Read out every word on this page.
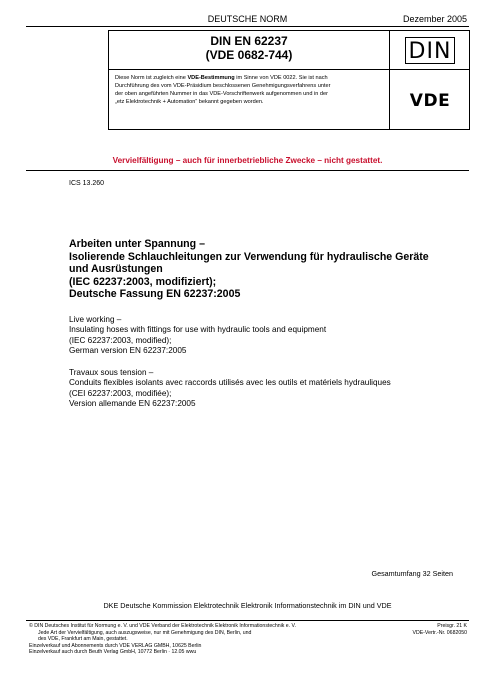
DEUTSCHE NORM	Dezember 2005
DIN EN 62237
(VDE 0682-744)
Diese Norm ist zugleich eine VDE-Bestimmung im Sinne von VDE 0022. Sie ist nach
Durchführung des vom VDE-Präsidium beschlossenen Genehmigungsverfahrens unter
der oben angeführten Nummer in das VDE-Vorschriftenwerk aufgenommen und in der
„etz Elektrotechnik + Automation“ bekannt gegeben worden.
DIN
VDE
Vervielfältigung – auch für innerbetriebliche Zwecke – nicht gestattet.
ICS 13.260
Arbeiten unter Spannung –
Isolierende Schlauchleitungen zur Verwendung für hydraulische Geräte
und Ausrüstungen
(IEC 62237:2003, modifiziert);
Deutsche Fassung EN 62237:2005
Live working –
Insulating hoses with fittings for use with hydraulic tools and equipment
(IEC 62237:2003, modified);
German version EN 62237:2005
Travaux sous tension –
Conduits flexibles isolants avec raccords utilisés avec les outils et matériels hydrauliques
(CEI 62237:2003, modifiée);
Version allemande EN 62237:2005
Gesamtumfang 32 Seiten
DKE Deutsche Kommission Elektrotechnik Elektronik Informationstechnik im DIN und VDE
© DIN Deutsches Institut für Normung e. V. und VDE Verband der Elektrotechnik Elektronik Informationstechnik e. V.
Jede Art der Vervielfältigung, auch auszugsweise, nur mit Genehmigung des DIN, Berlin, und
des VDE, Frankfurt am Main, gestattet.
Einzelverkauf und Abonnements durch VDE VERLAG GMBH, 10625 Berlin
Einzelverkauf auch durch Beuth Verlag GmbH, 10772 Berlin · 12.05 wwu
Preisgr. 21 K
VDE-Vertr.-Nr. 0682050
